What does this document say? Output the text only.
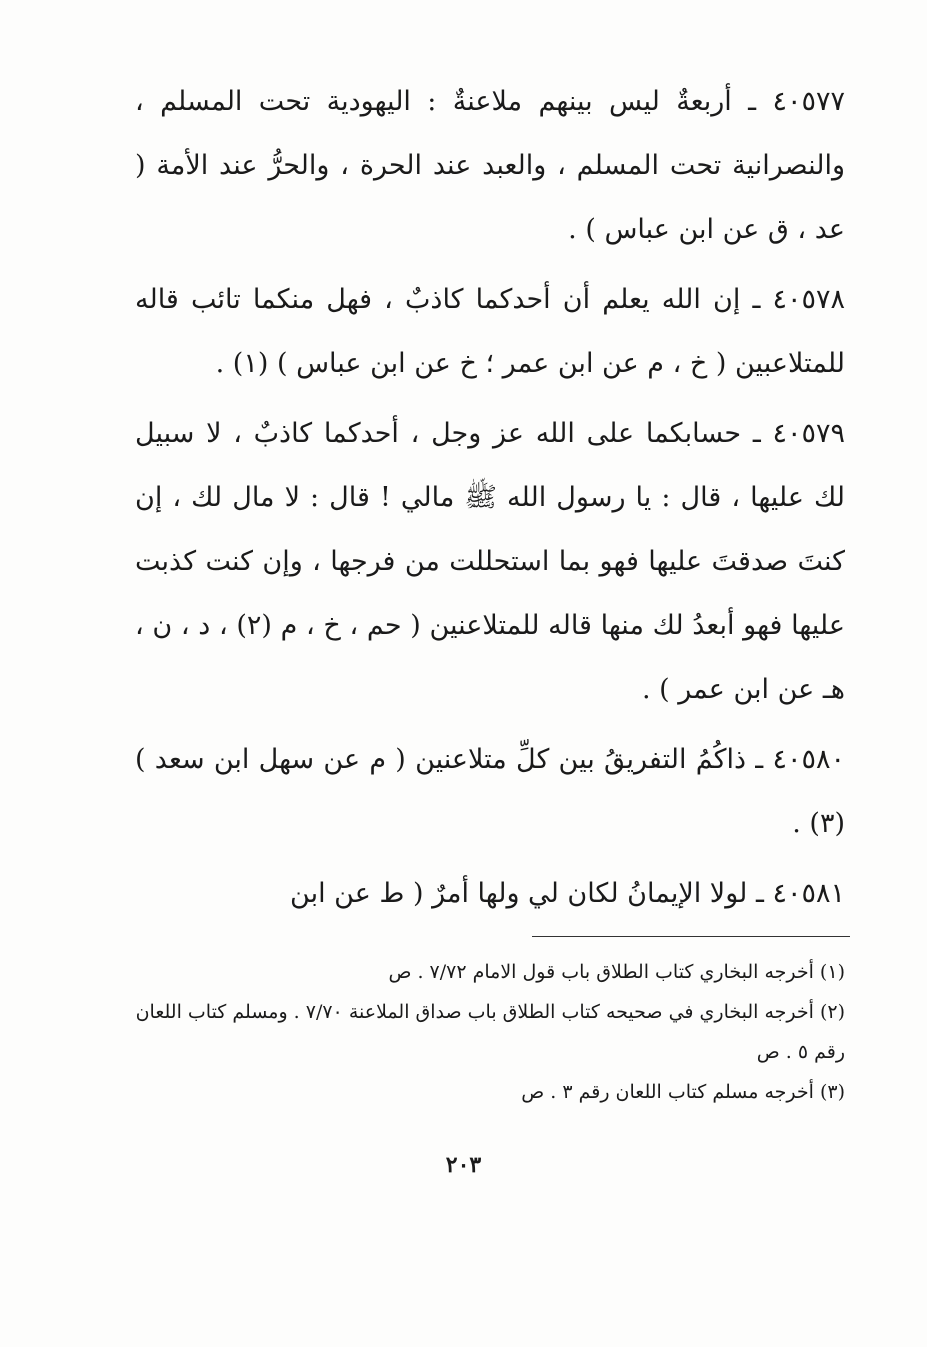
٤٠٥٧٧ ـ أربعةٌ ليس بينهم ملاعنةٌ : اليهودية تحت المسلم ، والنصرانية تحت المسلم ، والعبد عند الحرة ، والحرُّ عند الأمة ( عد ، ق عن ابن عباس ) .

٤٠٥٧٨ ـ إن الله يعلم أن أحدكما كاذبٌ ، فهل منكما تائب قاله للمتلاعبين ( خ ، م عن ابن عمر ؛ خ عن ابن عباس ) (١) .

٤٠٥٧٩ ـ حسابكما على الله عز وجل ، أحدكما كاذبٌ ، لا سبيل لك عليها ، قال : يا رسول الله ﷺ مالي ! قال : لا مال لك ، إن كنتَ صدقتَ عليها فهو بما استحللت من فرجها ، وإن كنت كذبت عليها فهو أبعدُ لك منها قاله للمتلاعنين ( حم ، خ ، م (٢) ، د ، ن ، هـ عن ابن عمر ) .

٤٠٥٨٠ ـ ذاكُمُ التفريقُ بين كلِّ متلاعنين ( م عن سهل ابن سعد ) (٣) .

٤٠٥٨١ ـ لولا الإيمانُ لكان لي ولها أمرٌ ( ط عن ابن

(١) أخرجه البخاري كتاب الطلاق باب قول الامام ٧/٧٢ . ص

(٢) أخرجه البخاري في صحيحه كتاب الطلاق باب صداق الملاعنة ٧/٧٠ . ومسلم كتاب اللعان رقم ٥ . ص

(٣) أخرجه مسلم كتاب اللعان رقم ٣ . ص

٢٠٣
